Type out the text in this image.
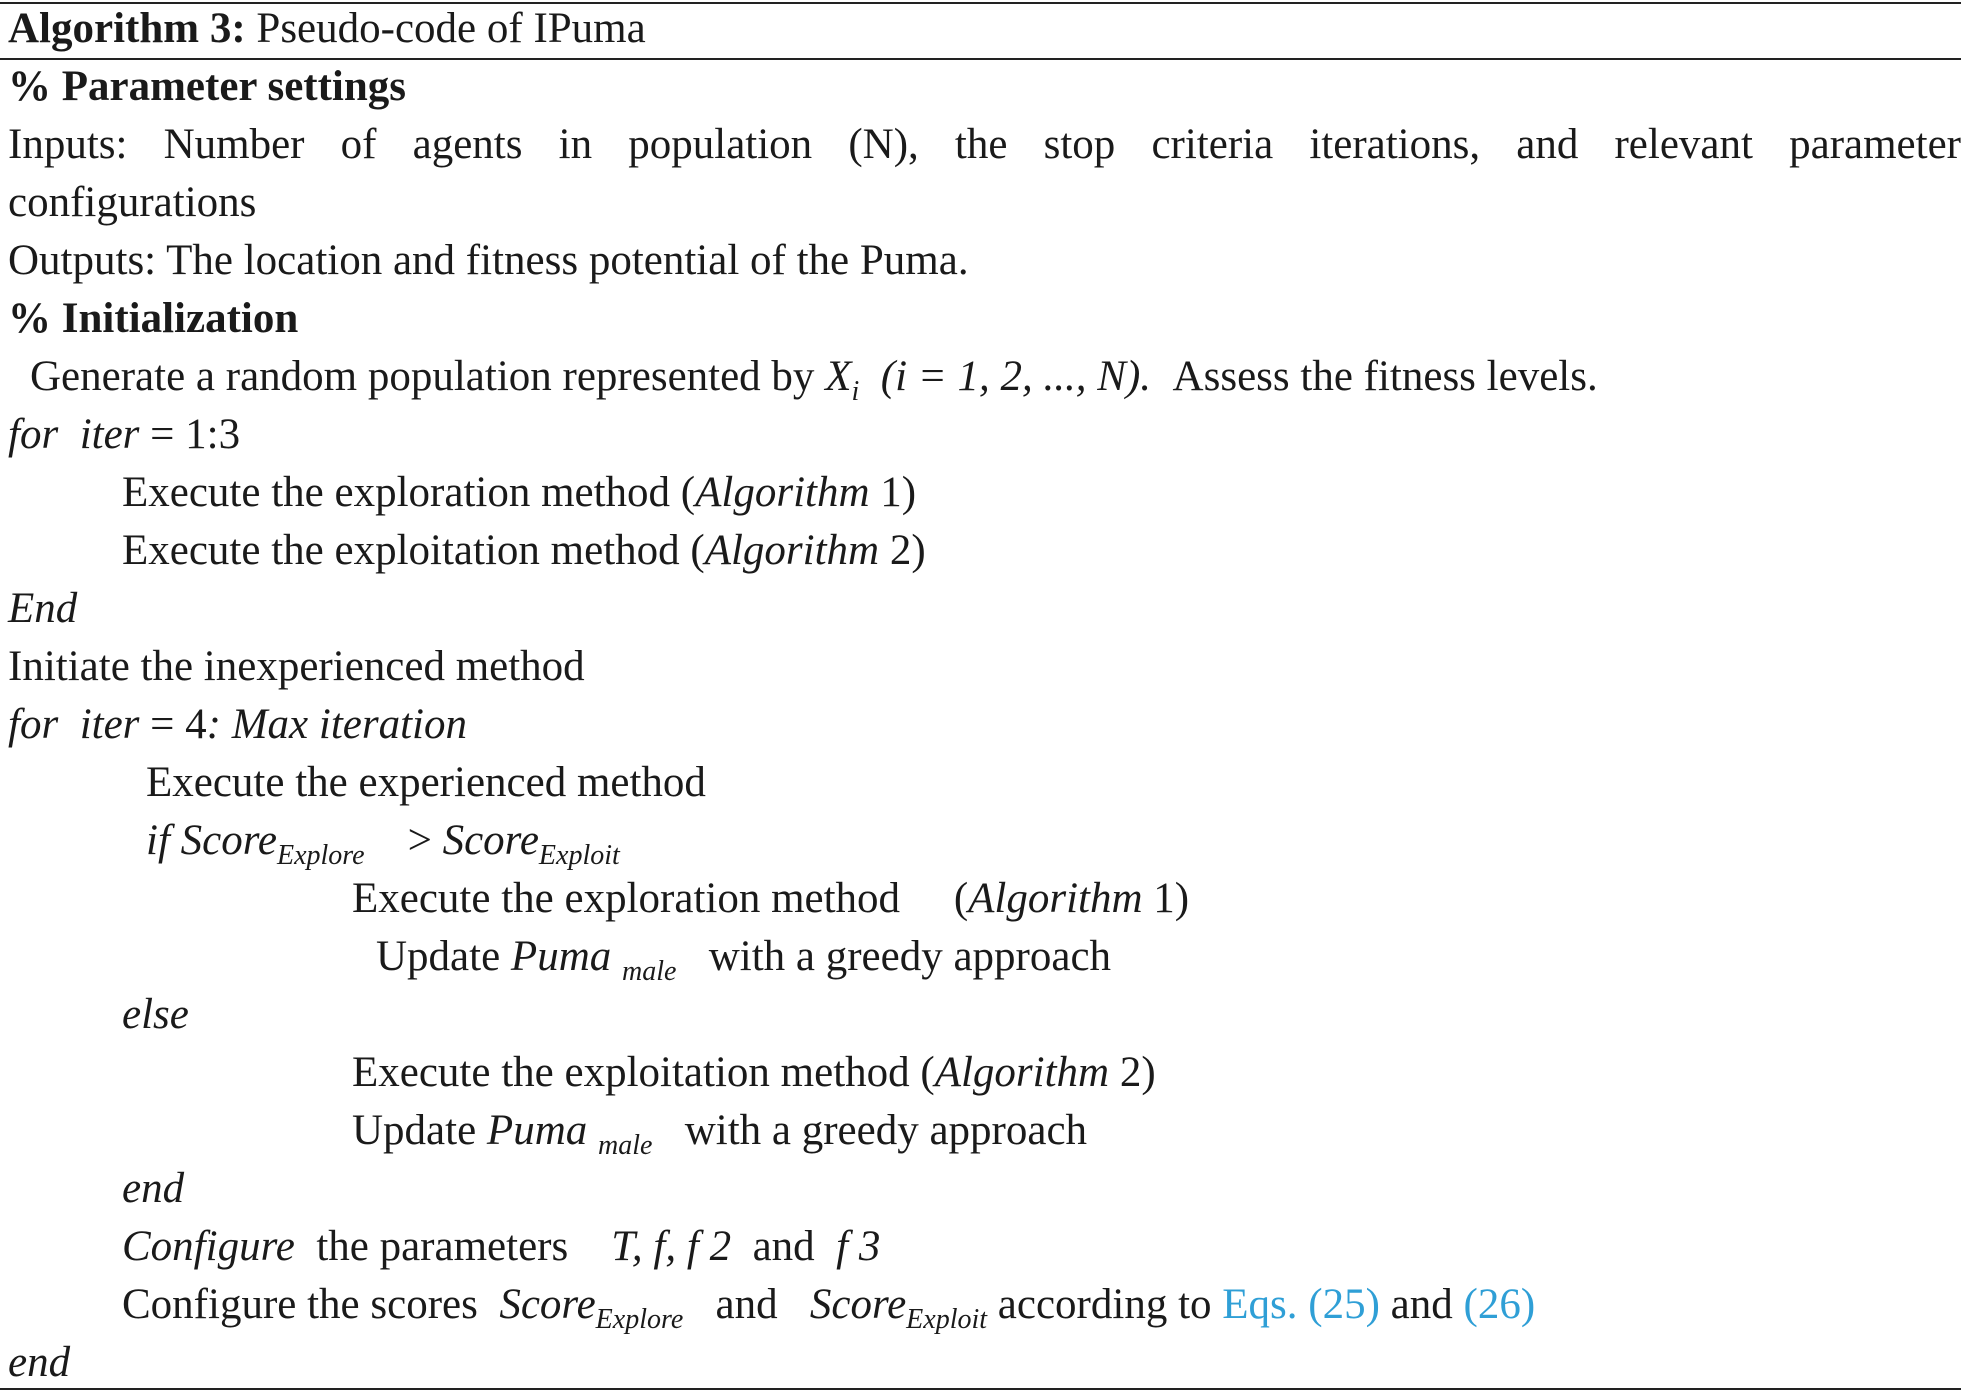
Algorithm 3: Pseudo-code of IPuma
% Parameter settings
Inputs: Number of agents in population (N), the stop criteria iterations, and relevant parameter
configurations
Outputs: The location and fitness potential of the Puma.
% Initialization
Generate a random population represented by $X_i$ (i = 1, 2, ..., N). Assess the fitness levels.
for iter = 1:3
Execute the exploration method (Algorithm 1)
Execute the exploitation method (Algorithm 2)
End
Initiate the inexperienced method
for iter = 4: Max iteration
Execute the experienced method
if Score$_{Explore}$ > Score$_{Exploit}$
Execute the exploration method     (Algorithm 1)
Update Puma $_{male}$ with a greedy approach
else
Execute the exploitation method (Algorithm 2)
Update Puma $_{male}$ with a greedy approach
end
Configure the parameters T, f, f 2 and f 3
Configure the scores Score$_{Explore}$ and Score$_{Exploit}$ according to Eqs. (25) and (26)
end
